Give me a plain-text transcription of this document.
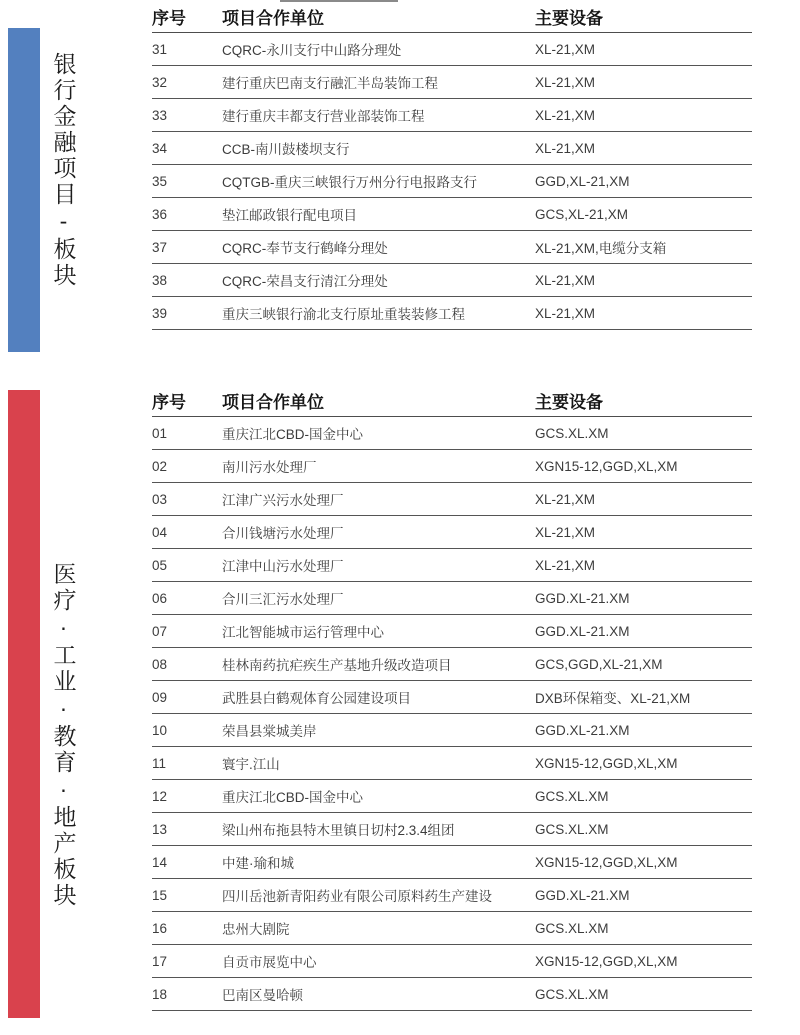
银行金融项目-板块
序号	项目合作单位	主要设备
31	CQRC-永川支行中山路分理处	XL-21,XM
32	建行重庆巴南支行融汇半岛装饰工程	XL-21,XM
33	建行重庆丰都支行营业部装饰工程	XL-21,XM
34	CCB-南川鼓楼坝支行	XL-21,XM
35	CQTGB-重庆三峡银行万州分行电报路支行	GGD,XL-21,XM
36	垫江邮政银行配电项目	GCS,XL-21,XM
37	CQRC-奉节支行鹤峰分理处	XL-21,XM,电缆分支箱
38	CQRC-荣昌支行清江分理处	XL-21,XM
39	重庆三峡银行渝北支行原址重装装修工程	XL-21,XM
医疗·工业·教育·地产板块
序号	项目合作单位	主要设备
01	重庆江北CBD-国金中心	GCS.XL.XM
02	南川污水处理厂	XGN15-12,GGD,XL,XM
03	江津广兴污水处理厂	XL-21,XM
04	合川钱塘污水处理厂	XL-21,XM
05	江津中山污水处理厂	XL-21,XM
06	合川三汇污水处理厂	GGD.XL-21.XM
07	江北智能城市运行管理中心	GGD.XL-21.XM
08	桂林南药抗疟疾生产基地升级改造项目	GCS,GGD,XL-21,XM
09	武胜县白鹤观体育公园建设项目	DXB环保箱变、XL-21,XM
10	荣昌县棠城美岸	GGD.XL-21.XM
11	寰宇.江山	XGN15-12,GGD,XL,XM
12	重庆江北CBD-国金中心	GCS.XL.XM
13	梁山州布拖县特木里镇日切村2.3.4组团	GCS.XL.XM
14	中建·瑜和城	XGN15-12,GGD,XL,XM
15	四川岳池新青阳药业有限公司原料药生产建设	GGD.XL-21.XM
16	忠州大剧院	GCS.XL.XM
17	自贡市展览中心	XGN15-12,GGD,XL,XM
18	巴南区曼哈顿	GCS.XL.XM
